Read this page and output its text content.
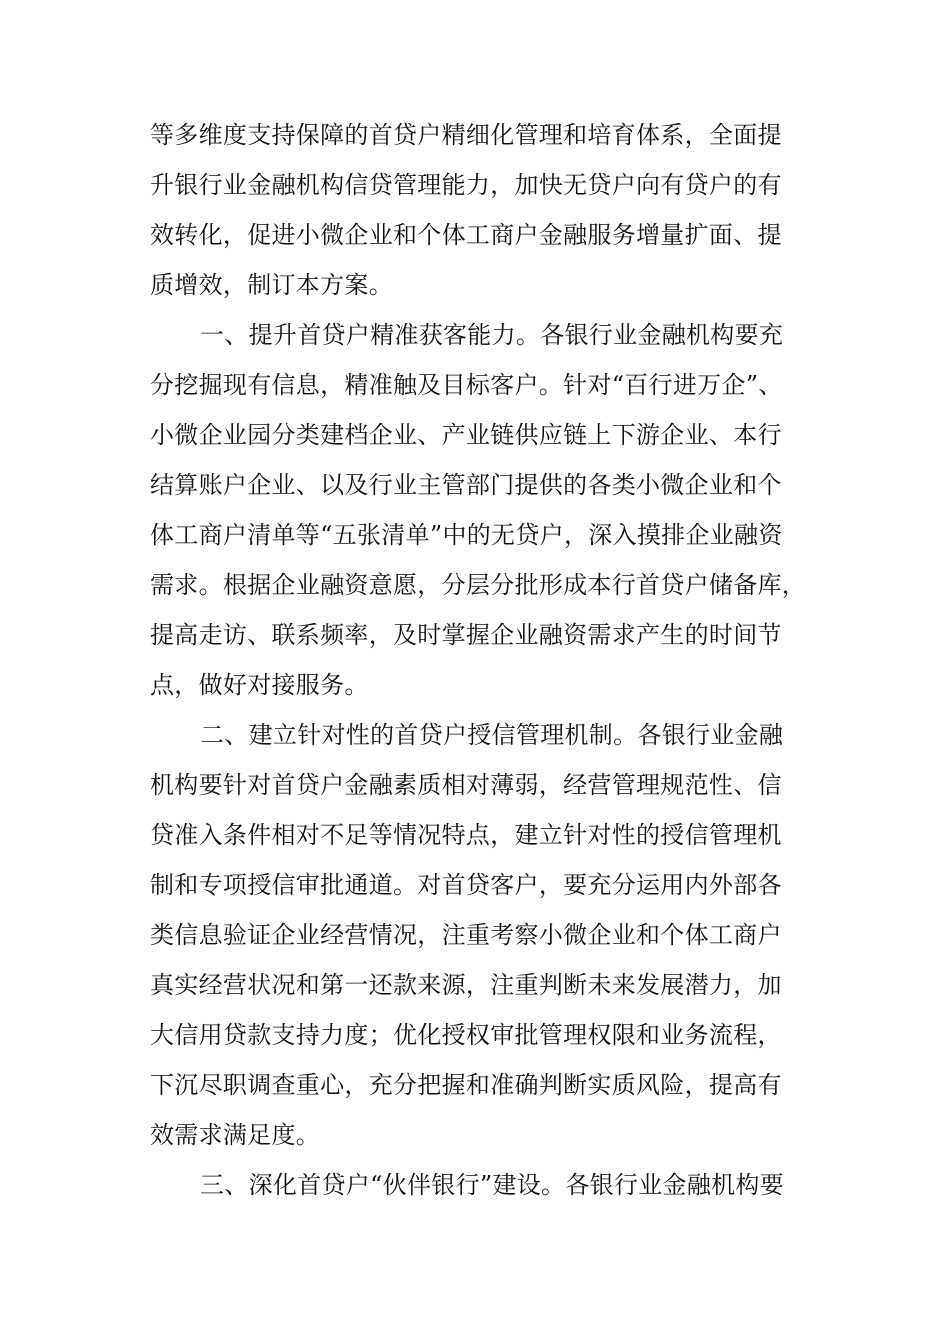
等多维度支持保障的首贷户精细化管理和培育体系，全面提
升银行业金融机构信贷管理能力，加快无贷户向有贷户的有
效转化，促进小微企业和个体工商户金融服务增量扩面、提
质增效，制订本方案。
一、提升首贷户精准获客能力。各银行业金融机构要充
分挖掘现有信息，精准触及目标客户。针对“百行进万企”、
小微企业园分类建档企业、产业链供应链上下游企业、本行
结算账户企业、以及行业主管部门提供的各类小微企业和个
体工商户清单等“五张清单”中的无贷户，深入摸排企业融资
需求。根据企业融资意愿，分层分批形成本行首贷户储备库，
提高走访、联系频率，及时掌握企业融资需求产生的时间节
点，做好对接服务。
二、建立针对性的首贷户授信管理机制。各银行业金融
机构要针对首贷户金融素质相对薄弱，经营管理规范性、信
贷准入条件相对不足等情况特点，建立针对性的授信管理机
制和专项授信审批通道。对首贷客户，要充分运用内外部各
类信息验证企业经营情况，注重考察小微企业和个体工商户
真实经营状况和第一还款来源，注重判断未来发展潜力，加
大信用贷款支持力度；优化授权审批管理权限和业务流程，
下沉尽职调查重心，充分把握和准确判断实质风险，提高有
效需求满足度。
三、深化首贷户“伙伴银行”建设。各银行业金融机构要
